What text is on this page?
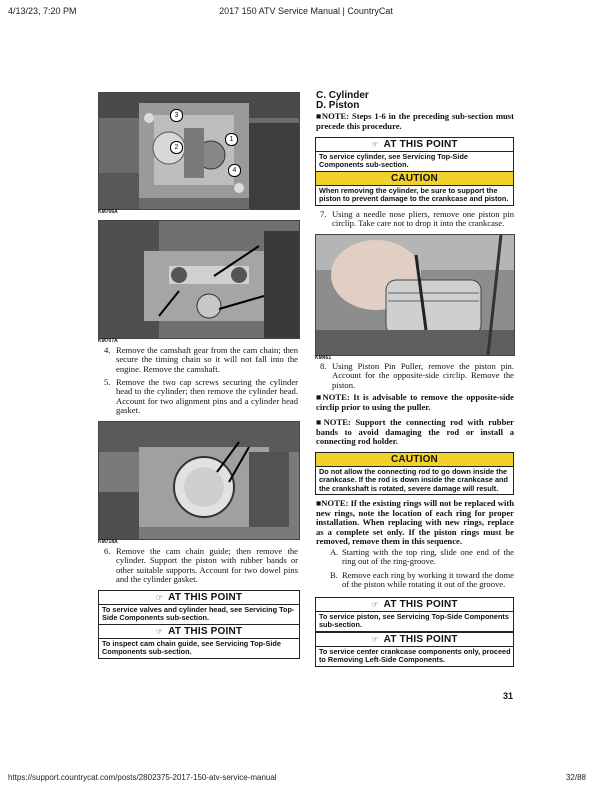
4/13/23, 7:20 PM	2017 150 ATV Service Manual | CountryCat
https://support.countrycat.com/posts/2802375-2017-150-atv-service-manual	32/88
3
1
2
4
KM706A
KM707A
4. Remove the camshaft gear from the cam chain; then secure the timing chain so it will not fall into the engine. Remove the camshaft.
5. Remove the two cap screws securing the cylinder head to the cylinder; then remove the cylinder head. Account for two alignment pins and a cylinder head gasket.
KM718A
6. Remove the cam chain guide; then remove the cylinder. Support the piston with rubber bands or other suitable supports. Account for two dowel pins and the cylinder gasket.
☞ AT THIS POINT
To service valves and cylinder head, see Servicing Top-Side Components sub-section.
☞ AT THIS POINT
To inspect cam chain guide, see Servicing Top-Side Components sub-section.
C. Cylinder
D. Piston
■NOTE: Steps 1-6 in the preceding sub-section must precede this procedure.
☞ AT THIS POINT
To service cylinder, see Servicing Top-Side Components sub-section.
CAUTION
When removing the cylinder, be sure to support the piston to prevent damage to the crankcase and piston.
7. Using a needle nose pliers, remove one piston pin circlip. Take care not to drop it into the crankcase.
KM451
8. Using Piston Pin Puller, remove the piston pin. Account for the opposite-side circlip. Remove the piston.
■NOTE: It is advisable to remove the opposite-side circlip prior to using the puller.
■NOTE: Support the connecting rod with rubber bands to avoid damaging the rod or install a connecting rod holder.
CAUTION
Do not allow the connecting rod to go down inside the crankcase. If the rod is down inside the crankcase and the crankshaft is rotated, severe damage will result.
■NOTE: If the existing rings will not be replaced with new rings, note the location of each ring for proper installation. When replacing with new rings, replace as a complete set only. If the piston rings must be removed, remove them in this sequence.
A. Starting with the top ring, slide one end of the ring out of the ring-groove.
B. Remove each ring by working it toward the dome of the piston while rotating it out of the groove.
☞ AT THIS POINT
To service piston, see Servicing Top-Side Components sub-section.
☞ AT THIS POINT
To service center crankcase components only, proceed to Removing Left-Side Components.
31
